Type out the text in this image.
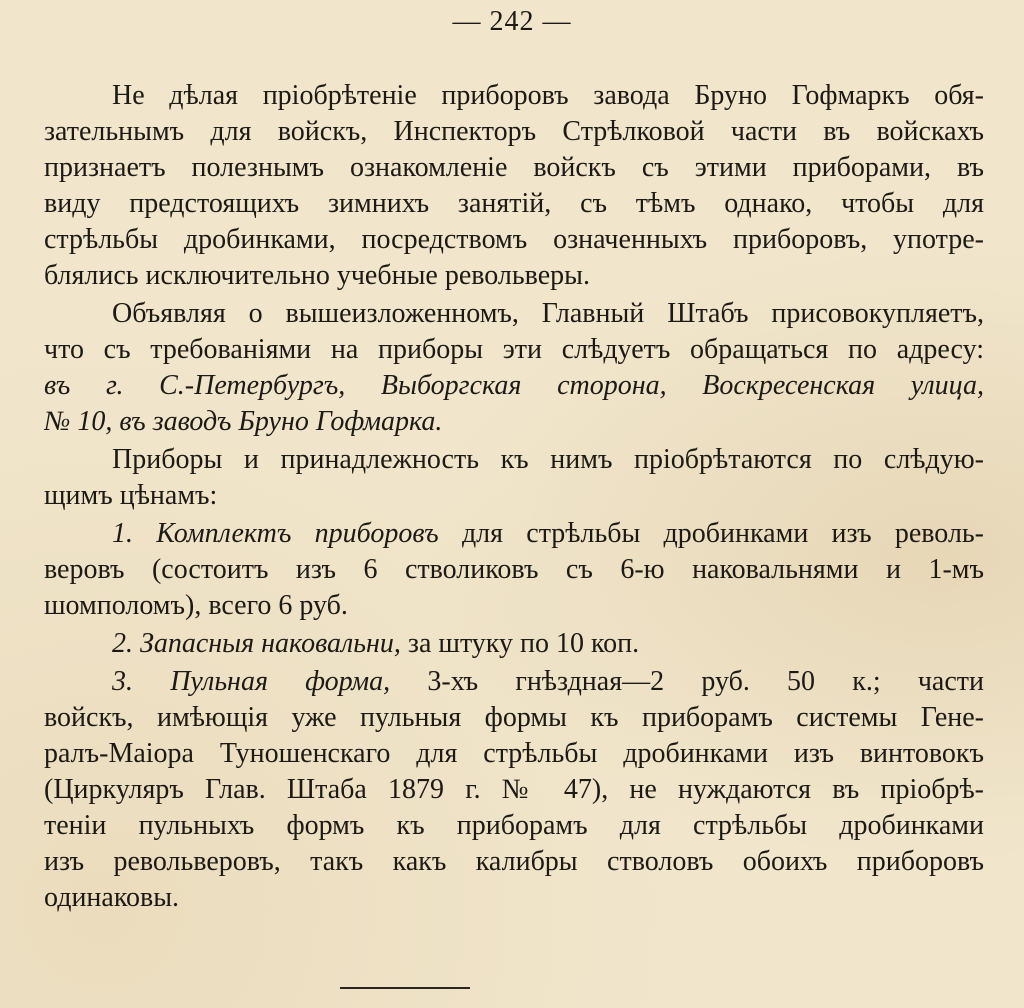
— 242 —
Не дѣлая пріобрѣтеніе приборовъ завода Бруно Гофмаркъ обя-
зательнымъ для войскъ, Инспекторъ Стрѣлковой части въ войскахъ
признаетъ полезнымъ ознакомленіе войскъ съ этими приборами, въ
виду предстоящихъ зимнихъ занятій, съ тѣмъ однако, чтобы для
стрѣльбы дробинками, посредствомъ означенныхъ приборовъ, употре-
блялись исключительно учебные револьверы.
Объявляя о вышеизложенномъ, Главный Штабъ присовокупляетъ,
что съ требованіями на приборы эти слѣдуетъ обращаться по адресу:
въ г. С.-Петербургъ, Выборгская сторона, Воскресенская улица,
№ 10, въ заводъ Бруно Гофмарка.
Приборы и принадлежность къ нимъ пріобрѣтаются по слѣдую-
щимъ цѣнамъ:
1. Комплектъ приборовъ для стрѣльбы дробинками изъ револь-
веровъ (состоитъ изъ 6 стволиковъ съ 6-ю наковальнями и 1-мъ
шомполомъ), всего 6 руб.
2. Запасныя наковальни, за штуку по 10 коп.
3. Пульная форма, 3-хъ гнѣздная—2 руб. 50 к.; части
войскъ, имѣющія уже пульныя формы къ приборамъ системы Гене-
ралъ-Маіора Туношенскаго для стрѣльбы дробинками изъ винтовокъ
(Циркуляръ Глав. Штаба 1879 г. № 47), не нуждаются въ пріобрѣ-
теніи пульныхъ формъ къ приборамъ для стрѣльбы дробинками
изъ револьверовъ, такъ какъ калибры стволовъ обоихъ приборовъ
одинаковы.
